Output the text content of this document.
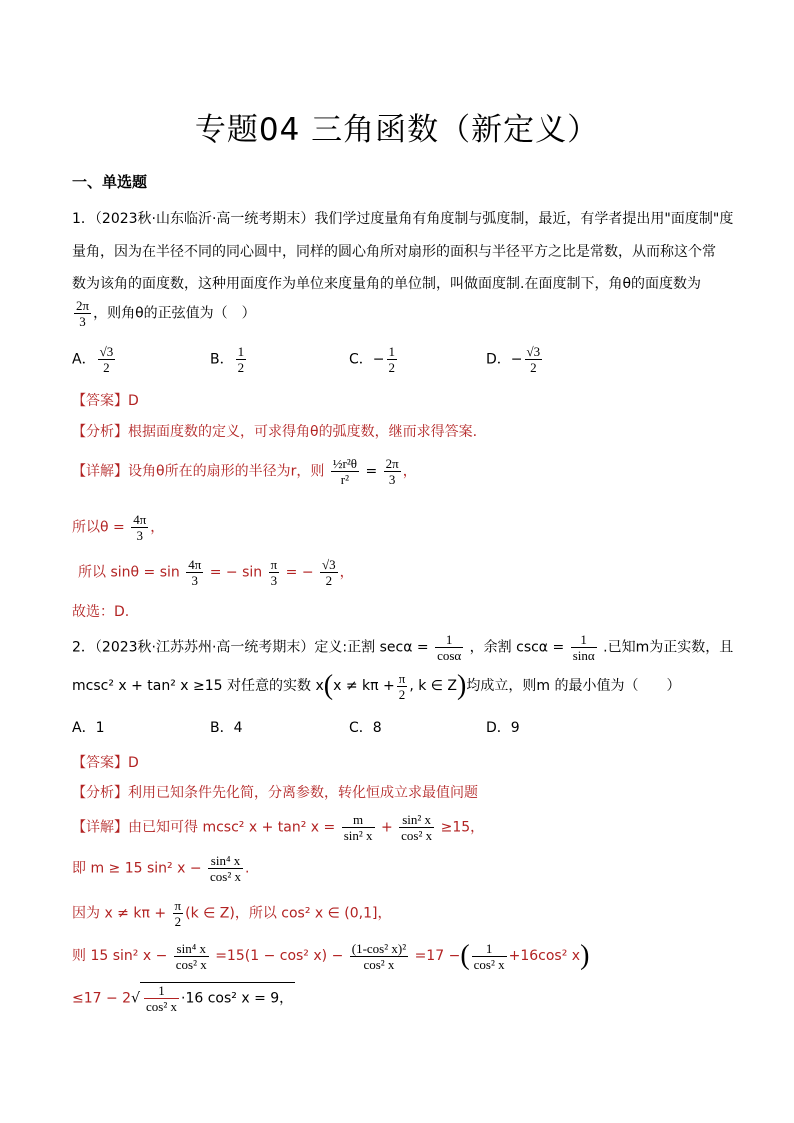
专题04 三角函数（新定义）
一、单选题
1．（2023秋·山东临沂·高一统考期末）我们学过度量角有角度制与弧度制，最近，有学者提出用"面度制"度
量角，因为在半径不同的同心圆中，同样的圆心角所对扇形的面积与半径平方之比是常数，从而称这个常
数为该角的面度数，这种用面度作为单位来度量角的单位制，叫做面度制.在面度制下，角θ的面度数为
$\frac{2\pi}{3}$ ，则角θ的正弦值为（　）
A． $\frac{√3}{2}$	B． $\frac{1}{2}$	C．− $\frac{1}{2}$	D．− $\frac{√3}{2}$
【答案】D
【分析】根据面度数的定义，可求得角θ的弧度数，继而求得答案.
【详解】设角θ所在的扇形的半径为r，则 $\frac{\text{½r²θ}}{\text{r²}} = \frac{2\pi}{3}$ ，
所以$\theta = \frac{4\pi}{3}$ ，
所以 $\sin\theta = \sin \frac{4\pi}{3}$ = − $\sin \frac{\pi}{3}$ = − $\frac{√3}{2}$ ，
故选：D.
2．（2023秋·江苏苏州·高一统考期末）定义:正割 $\sec\alpha = \frac{1}{\cos\alpha}$ ，余割 $\csc\alpha = \frac{1}{\sin\alpha}$ .已知m为正实数，且
mcsc² x + tan² x ≥15 对任意的实数 $x(x \ne k\pi + \frac{\pi}{2}$ , k ∈ Z)均成立，则m 的最小值为（　　）
A．1	B．4	C．8	D．9
【答案】D
【分析】利用已知条件先化简，分离参数，转化恒成立求最值问题
【详解】由已知可得 mcsc² x + tan² $x = \frac{m}{\text{sin² x}} + \frac{\text{sin² x}}{\text{cos² x}} \ge 15$，
即 m ≥ 15 sin² $x - \frac{\text{sin⁴ x}}{\text{cos² x}}$ .
因为 $x \ne k\pi + \frac{\pi}{2} (k$ ∈ Z)，所以 cos² x ∈ (0,1]，
则 15 sin² $x - \frac{\text{sin⁴ x}}{\text{cos² x}} =15(1 - \cos^2$ $x) - \frac{\text{(1-cos² x)²}}{\text{cos² x}} =17$ −( $\frac{1}{\text{cos² x}} +16\cos^2$ x)
$\le 17 - 2√ \frac{1}{\text{cos² x}} \cdot 16$ cos² x = 9，
